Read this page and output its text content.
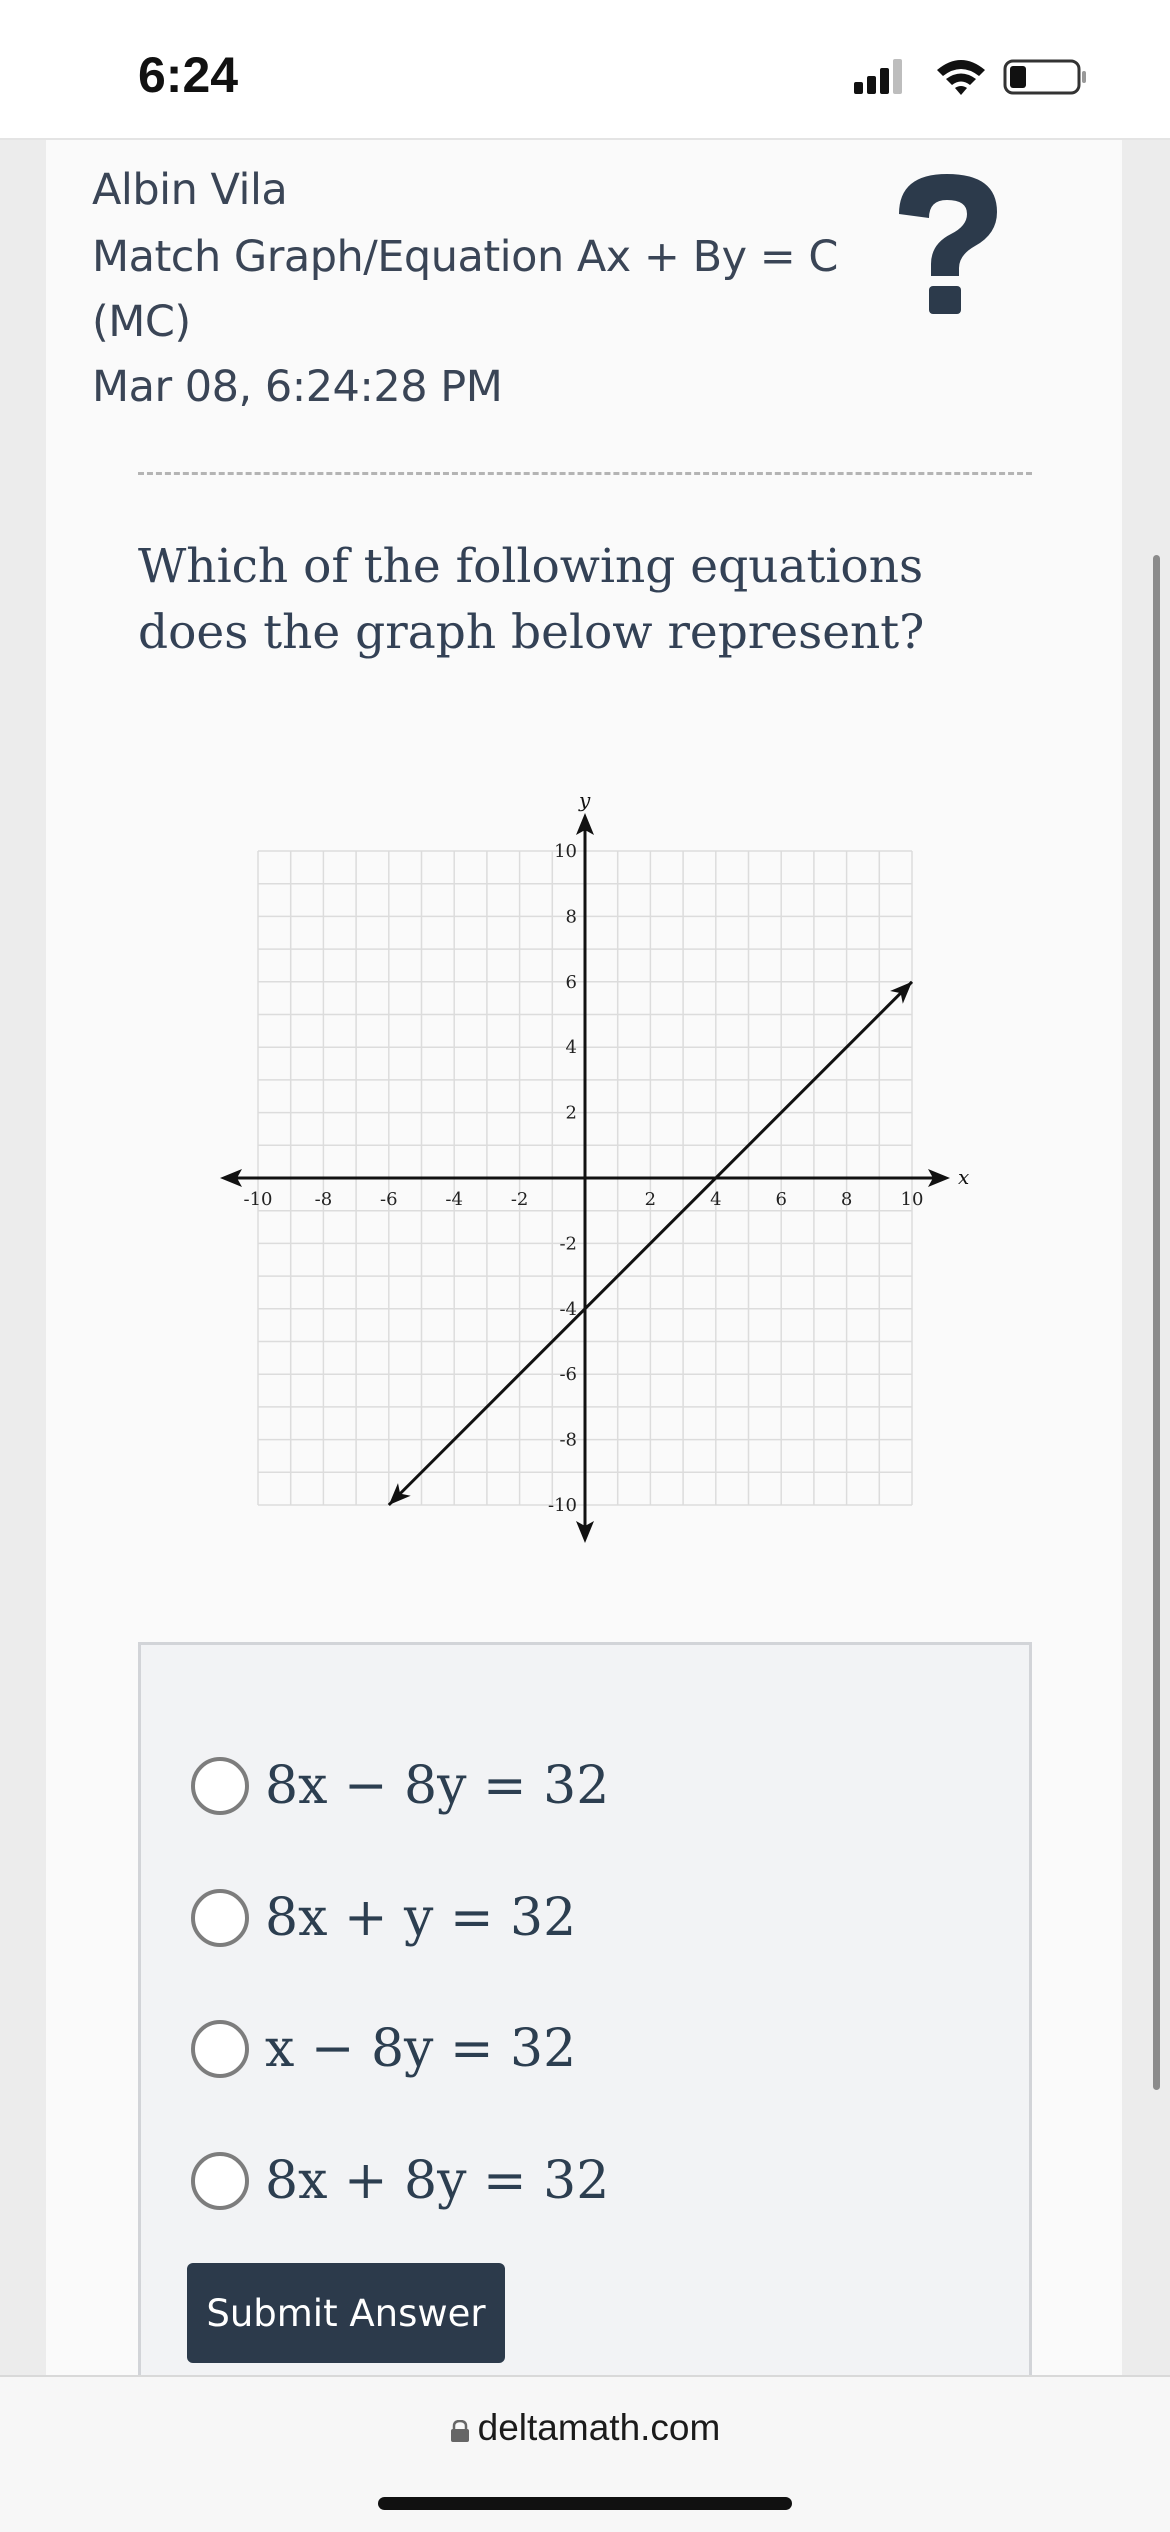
6:24
Albin Vila
Match Graph/Equation Ax + By = C
(MC)
Mar 08, 6:24:28 PM
Which of the following equations does the graph below represent?
x
y
-10 -8	-6	-4	-2	2	4	6	8	10
10
8
6
4
2
-2
-4
-6
-8
-10
8x − 8y = 32
8x + y = 32
x − 8y = 32
8x + 8y = 32
Submit Answer
deltamath.com
